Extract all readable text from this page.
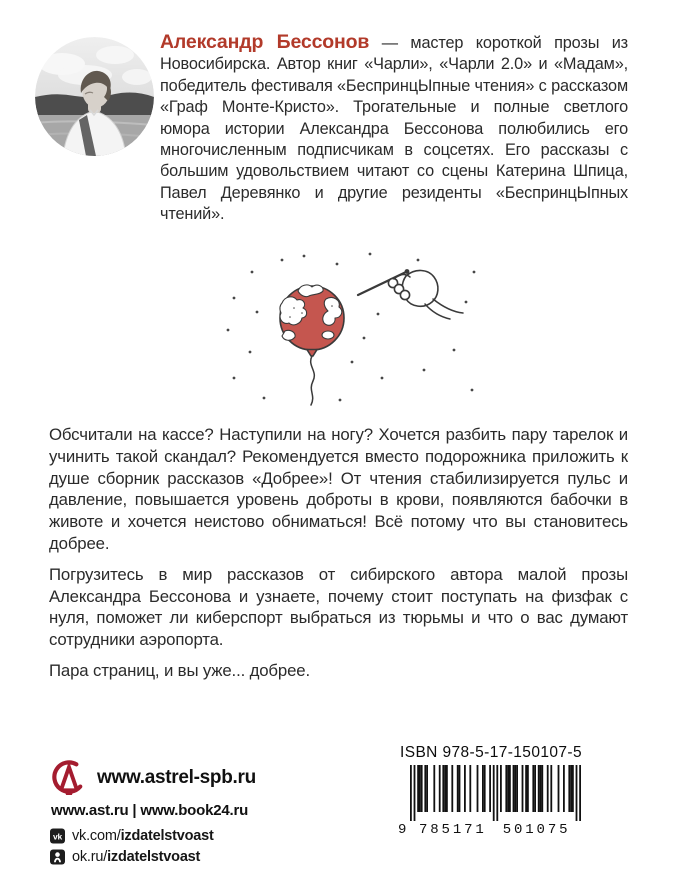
Александр Бессонов — мастер короткой прозы из Новосибирска. Автор книг «Чарли», «Чарли 2.0» и «Мадам», победитель фестиваля «БеспринцЫпные чтения» с рассказом «Граф Монте-Кристо». Трогательные и полные светлого юмора истории Александра Бессонова полюбились его многочисленным подписчикам в соцсетях. Его рассказы с большим удовольствием читают со сцены Катерина Шпица, Павел Деревянко и другие резиденты «БеспринцЫпных чтений».

Обсчитали на кассе? Наступили на ногу? Хочется разбить пару тарелок и учинить такой скандал? Рекомендуется вместо подорожника приложить к душе сборник рассказов «Добрее»! От чтения стабилизируется пульс и давление, повышается уровень доброты в крови, появляются бабочки в животе и хочется неистово обниматься! Всё потому что вы становитесь добрее.

Погрузитесь в мир рассказов от сибирского автора малой прозы Александра Бессонова и узнаете, почему стоит поступать на физфак с нуля, поможет ли киберспорт выбраться из тюрьмы и что о вас думают сотрудники аэропорта.

Пара страниц, и вы уже... добрее.

www.astrel-spb.ru
www.ast.ru | www.book24.ru
vk vk.com/izdatelstvoast
ok.ru/izdatelstvoast
ISBN 978-5-17-150107-5
9 785171 501075
